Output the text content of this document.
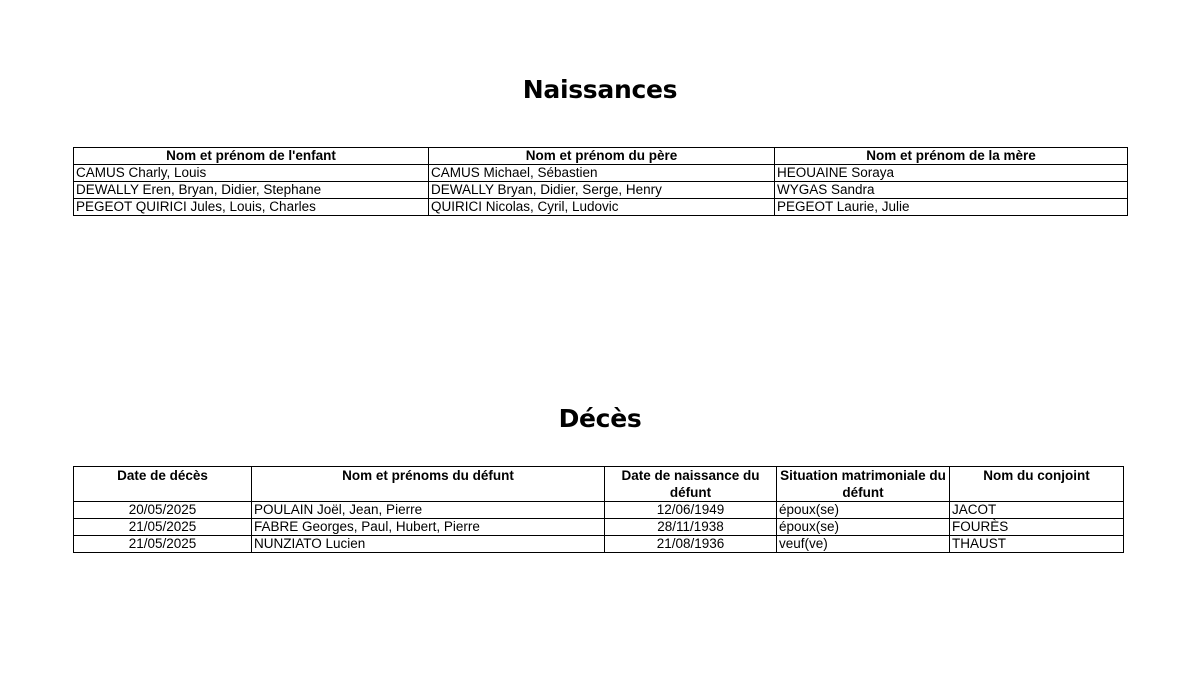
Naissances
Nom et prénom de l'enfant	Nom et prénom du père	Nom et prénom de la mère
CAMUS Charly, Louis	CAMUS Michael, Sébastien	HEOUAINE Soraya
DEWALLY Eren, Bryan, Didier, Stephane	DEWALLY Bryan, Didier, Serge, Henry	WYGAS Sandra
PEGEOT QUIRICI Jules, Louis, Charles	QUIRICI Nicolas, Cyril, Ludovic	PEGEOT Laurie, Julie
Décès
Date de décès	Nom et prénoms du défunt	Date de naissance du défunt	Situation matrimoniale du défunt	Nom du conjoint
20/05/2025	POULAIN Joël, Jean, Pierre	12/06/1949	époux(se)	JACOT
21/05/2025	FABRE Georges, Paul, Hubert, Pierre	28/11/1938	époux(se)	FOURÈS
21/05/2025	NUNZIATO Lucien	21/08/1936	veuf(ve)	THAUST
